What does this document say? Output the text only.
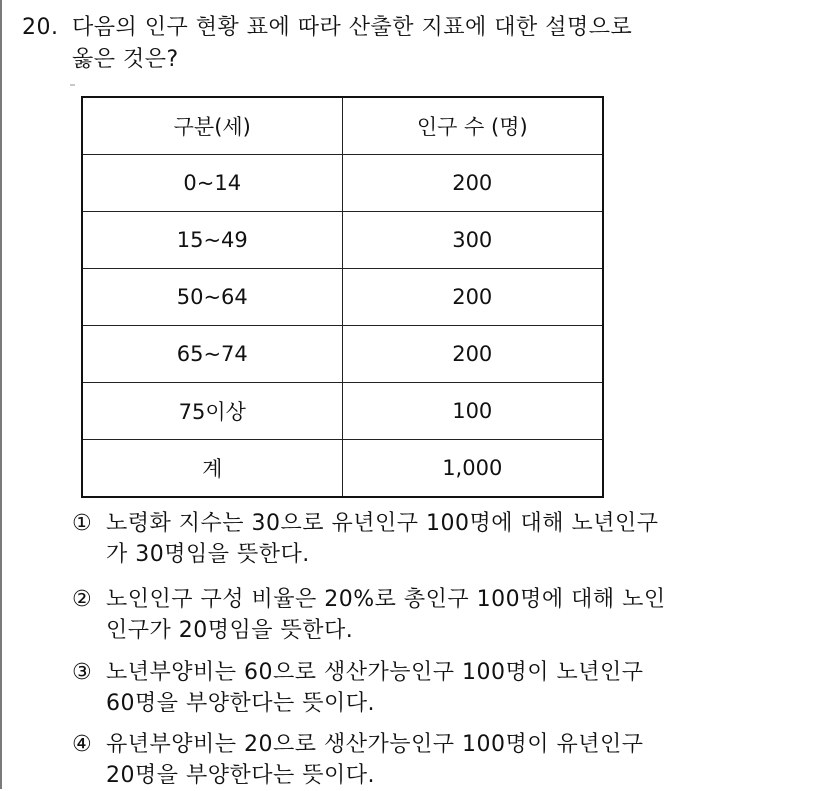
20. 다음의 인구 현황 표에 따라 산출한 지표에 대한 설명으로
옳은 것은?
구분(세)	인구 수 (명)
0~14	200
15~49	300
50~64	200
65~74	200
75이상	100
계	1,000
① 노령화 지수는 30으로 유년인구 100명에 대해 노년인구
가 30명임을 뜻한다.
② 노인인구 구성 비율은 20%로 총인구 100명에 대해 노인
인구가 20명임을 뜻한다.
③ 노년부양비는 60으로 생산가능인구 100명이 노년인구
60명을 부양한다는 뜻이다.
④ 유년부양비는 20으로 생산가능인구 100명이 유년인구
20명을 부양한다는 뜻이다.
